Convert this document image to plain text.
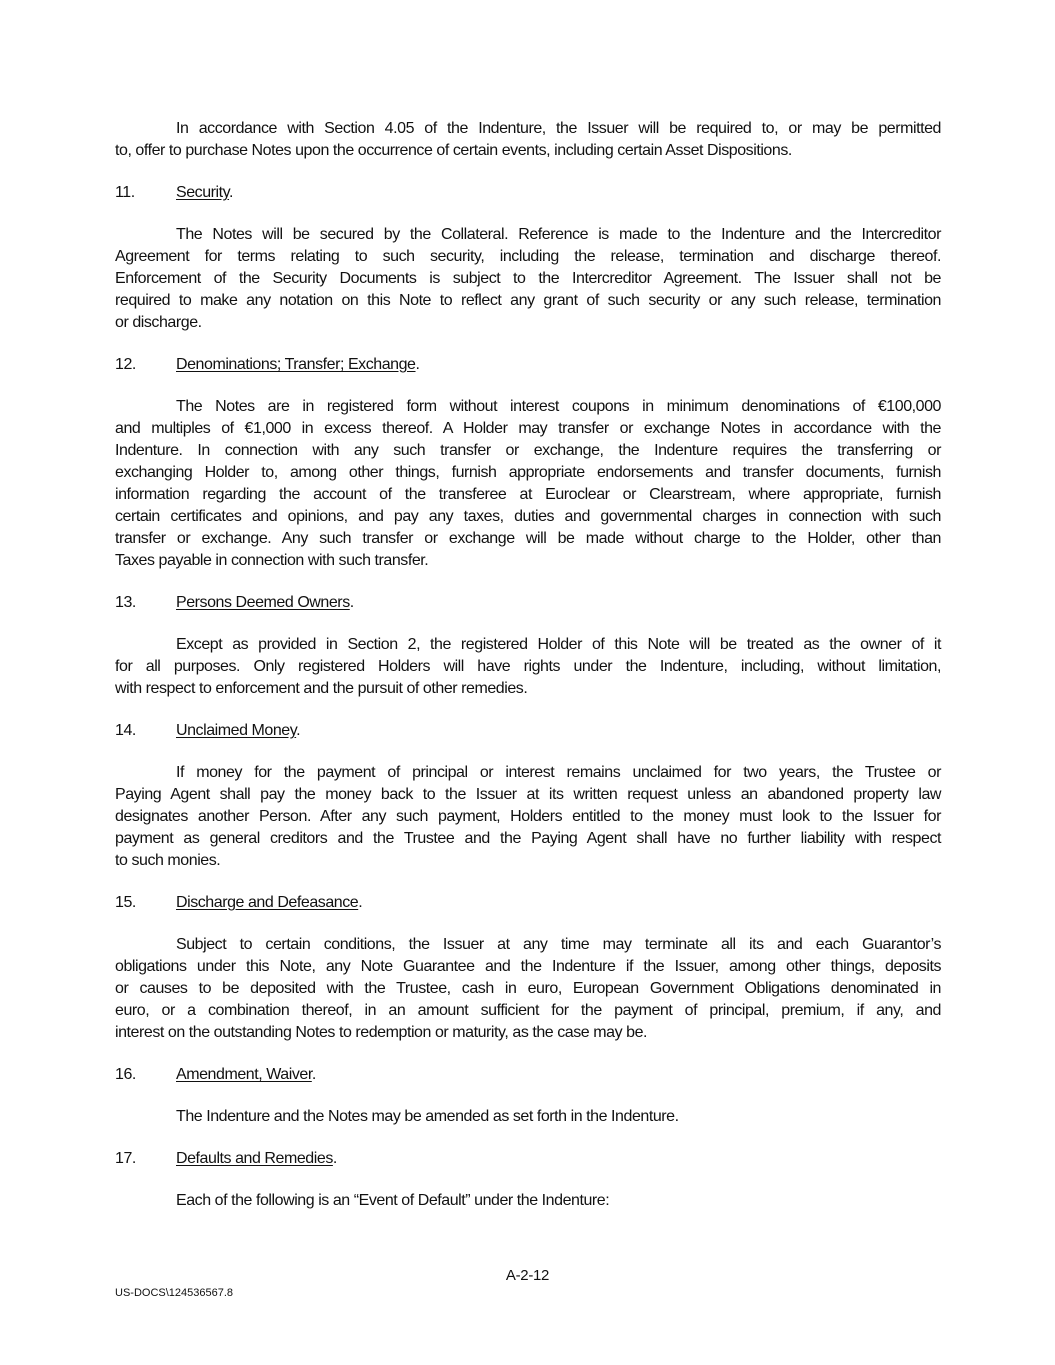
In accordance with Section 4.05 of the Indenture, the Issuer will be required to, or may be permitted
to, offer to purchase Notes upon the occurrence of certain events, including certain Asset Dispositions.
11.	Security.
The Notes will be secured by the Collateral. Reference is made to the Indenture and the Intercreditor
Agreement for terms relating to such security, including the release, termination and discharge thereof.
Enforcement of the Security Documents is subject to the Intercreditor Agreement. The Issuer shall not be
required to make any notation on this Note to reflect any grant of such security or any such release, termination
or discharge.
12.	Denominations; Transfer; Exchange.
The Notes are in registered form without interest coupons in minimum denominations of €100,000
and multiples of €1,000 in excess thereof. A Holder may transfer or exchange Notes in accordance with the
Indenture. In connection with any such transfer or exchange, the Indenture requires the transferring or
exchanging Holder to, among other things, furnish appropriate endorsements and transfer documents, furnish
information regarding the account of the transferee at Euroclear or Clearstream, where appropriate, furnish
certain certificates and opinions, and pay any taxes, duties and governmental charges in connection with such
transfer or exchange. Any such transfer or exchange will be made without charge to the Holder, other than
Taxes payable in connection with such transfer.
13.	Persons Deemed Owners.
Except as provided in Section 2, the registered Holder of this Note will be treated as the owner of it
for all purposes. Only registered Holders will have rights under the Indenture, including, without limitation,
with respect to enforcement and the pursuit of other remedies.
14.	Unclaimed Money.
If money for the payment of principal or interest remains unclaimed for two years, the Trustee or
Paying Agent shall pay the money back to the Issuer at its written request unless an abandoned property law
designates another Person. After any such payment, Holders entitled to the money must look to the Issuer for
payment as general creditors and the Trustee and the Paying Agent shall have no further liability with respect
to such monies.
15.	Discharge and Defeasance.
Subject to certain conditions, the Issuer at any time may terminate all its and each Guarantor’s
obligations under this Note, any Note Guarantee and the Indenture if the Issuer, among other things, deposits
or causes to be deposited with the Trustee, cash in euro, European Government Obligations denominated in
euro, or a combination thereof, in an amount sufficient for the payment of principal, premium, if any, and
interest on the outstanding Notes to redemption or maturity, as the case may be.
16.	Amendment, Waiver.
The Indenture and the Notes may be amended as set forth in the Indenture.
17.	Defaults and Remedies.
Each of the following is an “Event of Default” under the Indenture:
A-2-12
US-DOCS\124536567.8
